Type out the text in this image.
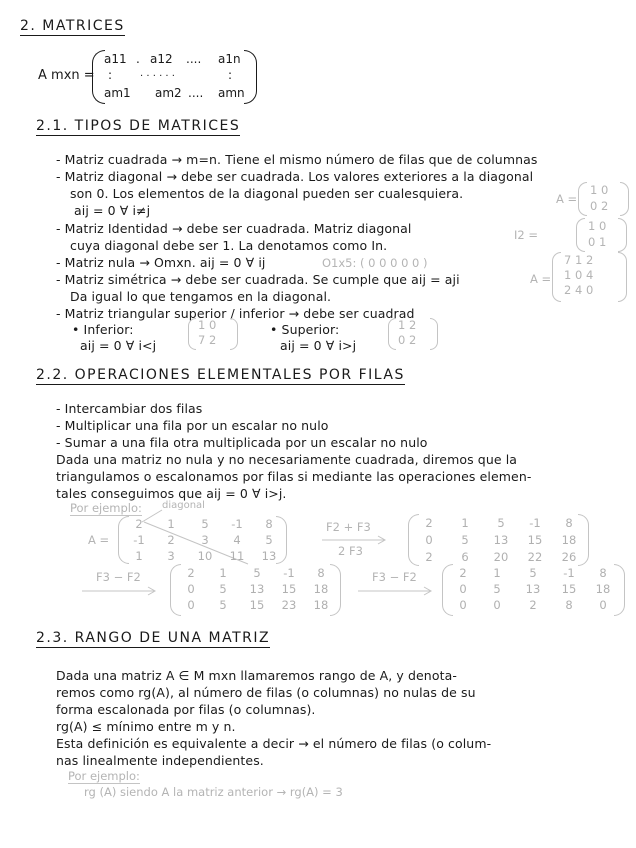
2. MATRICES
A mxn =
a11 . a12 .... a1n
:	. . . . . .	:
am1 am2 .... amn
2.1. TIPOS DE MATRICES
- Matriz cuadrada → m=n. Tiene el mismo número de filas que de columnas
- Matriz diagonal → debe ser cuadrada. Los valores exteriores a la diagonal
son 0. Los elementos de la diagonal pueden ser cualesquiera.
aij = 0 ∀ i≠j
- Matriz Identidad → debe ser cuadrada. Matriz diagonal
cuya diagonal debe ser 1. La denotamos como In.
- Matriz nula → Omxn. aij = 0 ∀ ij
- Matriz simétrica → debe ser cuadrada. Se cumple que aij = aji
Da igual lo que tengamos en la diagonal.
- Matriz triangular superior / inferior → debe ser cuadrad
• Inferior:
aij = 0 ∀ i<j
• Superior:
aij = 0 ∀ i>j
A =
1 0
0 2
I2 =
1 0
0 1
O1x5: ( 0 0 0 0 0 )
A =
7 1 2
1 0 4
2 4 0
1 0
7 2
1 2
0 2
2.2. OPERACIONES ELEMENTALES POR FILAS
- Intercambiar dos filas
- Multiplicar una fila por un escalar no nulo
- Sumar a una fila otra multiplicada por un escalar no nulo
Dada una matriz no nula y no necesariamente cuadrada, diremos que la
triangulamos o escalonamos por filas si mediante las operaciones elemen-
tales conseguimos que aij = 0 ∀ i>j.
Por ejemplo: diagonal
A =
2	1	5	-1	8
-1	2	3	4	5
1	3	10	11	13
F2 + F3
2 F3
2	1	5	-1	8
0	5	13	15	18
2	6	20	22	26
F3 − F2	2	1	5	-1	8
0	5	13	15	18
0	5	15	23	18
F3 − F2	2	1	5	-1	8
0	5	13	15	18
0	0	2	8	0
2.3. RANGO DE UNA MATRIZ
Dada una matriz A ∈ M mxn llamaremos rango de A, y denota-
remos como rg(A), al número de filas (o columnas) no nulas de su
forma escalonada por filas (o columnas).
rg(A) ≤ mínimo entre m y n.
Esta definición es equivalente a decir → el número de filas (o colum-
nas linealmente independientes.
Por ejemplo:
rg (A) siendo A la matriz anterior → rg(A) = 3
